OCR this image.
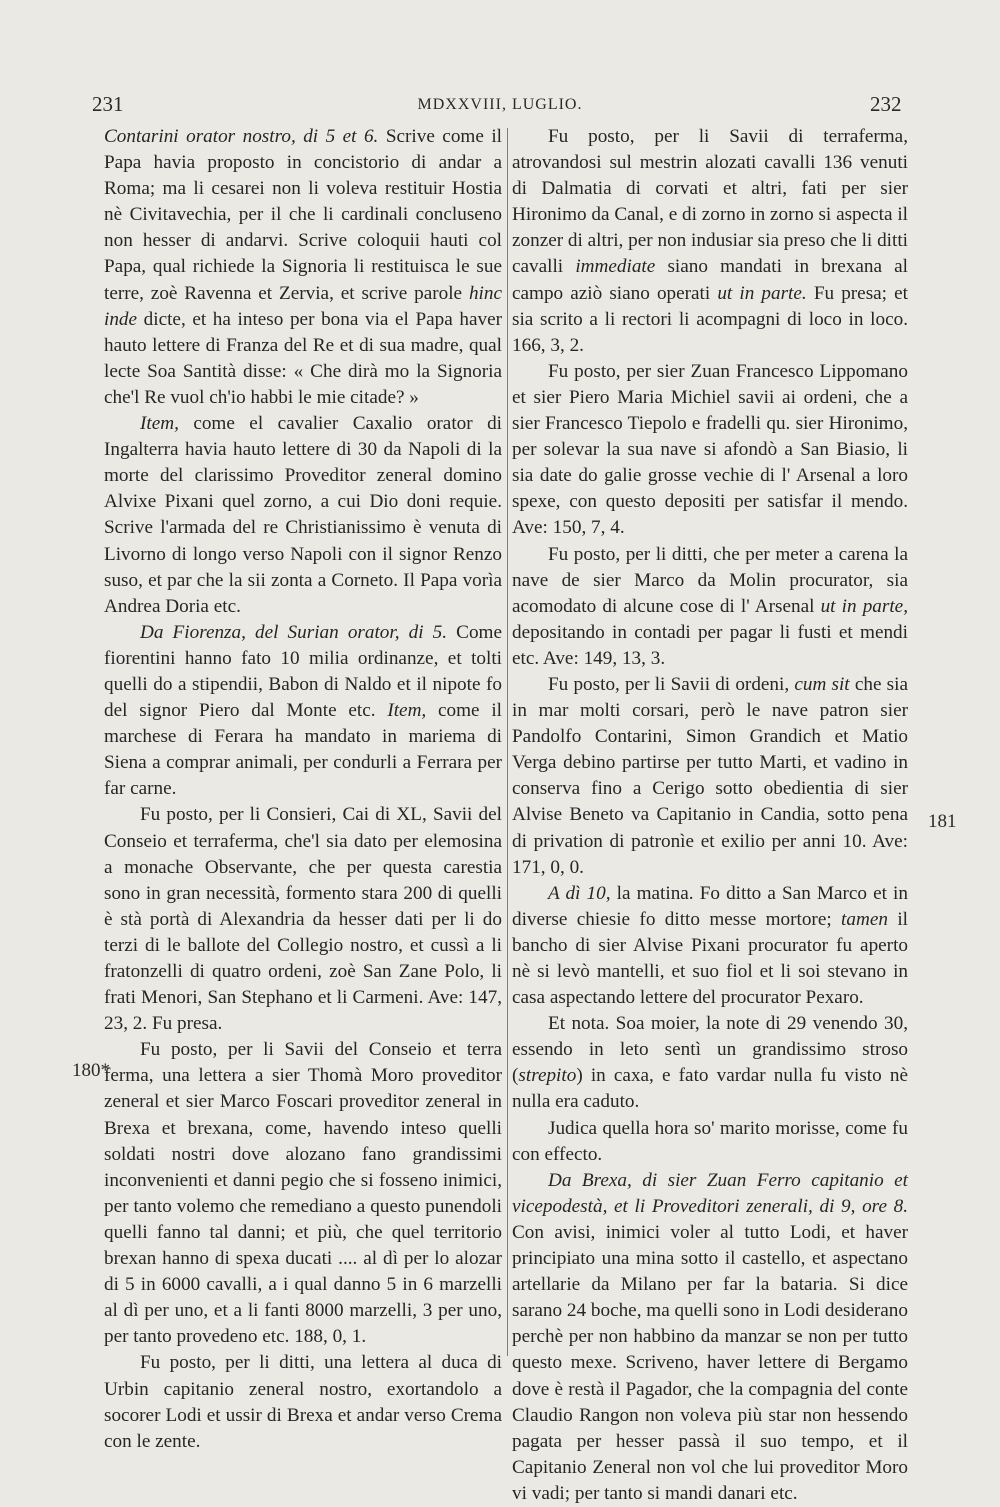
231	MDXXVIII, LUGLIO.	232

Contarini orator nostro, di 5 et 6. Scrive come il Papa havia proposto in concistorio di andar a Roma; ma li cesarei non li voleva restituir Hostia nè Civitavechia, per il che li cardinali concluseno non hesser di andarvi. Scrive coloquii hauti col Papa, qual richiede la Signoria li restituisca le sue terre, zoè Ravenna et Zervia, et scrive parole hinc inde dicte, et ha inteso per bona via el Papa haver hauto lettere di Franza del Re et di sua madre, qual lecte Soa Santità disse: « Che dirà mo la Signoria che'l Re vuol ch'io habbi le mie citade? »

Item, come el cavalier Caxalio orator di Ingalterra havia hauto lettere di 30 da Napoli di la morte del clarissimo Proveditor zeneral domino Alvixe Pixani quel zorno, a cui Dio doni requie. Scrive l'armada del re Christianissimo è venuta di Livorno di longo verso Napoli con il signor Renzo suso, et par che la sii zonta a Corneto. Il Papa vorìa Andrea Doria etc.

Da Fiorenza, del Surian orator, di 5. Come fiorentini hanno fato 10 milia ordinanze, et tolti quelli do a stipendii, Babon di Naldo et il nipote fo del signor Piero dal Monte etc. Item, come il marchese di Ferara ha mandato in mariema di Siena a comprar animali, per condurli a Ferrara per far carne.

Fu posto, per li Consieri, Cai di XL, Savii del Conseio et terraferma, che'l sia dato per elemosina a monache Observante, che per questa carestia sono in gran necessità, formento stara 200 di quelli è stà portà di Alexandria da hesser dati per li do terzi di le ballote del Collegio nostro, et cussì a li fratonzelli di quatro ordeni, zoè San Zane Polo, li frati Menori, San Stephano et li Carmeni. Ave: 147, 23, 2. Fu presa.

Fu posto, per li Savii del Conseio et terra ferma, una lettera a sier Thomà Moro proveditor zeneral et sier Marco Foscari proveditor zeneral in Brexa et brexana, come, havendo inteso quelli soldati nostri dove alozano fano grandissimi inconvenienti et danni pegio che si fosseno inimici, per tanto volemo che remediano a questo punendoli quelli fanno tal danni; et più, che quel territorio brexan hanno di spexa ducati .... al dì per lo alozar di 5 in 6000 cavalli, a i qual danno 5 in 6 marzelli al dì per uno, et a li fanti 8000 marzelli, 3 per uno, per tanto provedeno etc. 188, 0, 1.

Fu posto, per li ditti, una lettera al duca di Urbin capitanio zeneral nostro, exortandolo a socorer Lodi et ussir di Brexa et andar verso Crema con le zente.

Fu posto, per li Savii di terraferma, atrovandosi sul mestrin alozati cavalli 136 venuti di Dalmatia di corvati et altri, fati per sier Hironimo da Canal, e di zorno in zorno si aspecta il zonzer di altri, per non indusiar sia preso che li ditti cavalli immediate siano mandati in brexana al campo aziò siano operati ut in parte. Fu presa; et sia scrito a li rectori li acompagni di loco in loco. 166, 3, 2.

Fu posto, per sier Zuan Francesco Lippomano et sier Piero Maria Michiel savii ai ordeni, che a sier Francesco Tiepolo e fradelli qu. sier Hironimo, per solevar la sua nave si afondò a San Biasio, li sia date do galie grosse vechie di l' Arsenal a loro spexe, con questo depositi per satisfar il mendo. Ave: 150, 7, 4.

Fu posto, per li ditti, che per meter a carena la nave de sier Marco da Molin procurator, sia acomodato di alcune cose di l' Arsenal ut in parte, depositando in contadi per pagar li fusti et mendi etc. Ave: 149, 13, 3.

Fu posto, per li Savii di ordeni, cum sit che sia in mar molti corsari, però le nave patron sier Pandolfo Contarini, Simon Grandich et Matio Verga debino partirse per tutto Marti, et vadino in conserva fino a Cerigo sotto obedientia di sier Alvise Beneto va Capitanio in Candia, sotto pena di privation di patronìe et exilio per anni 10. Ave: 171, 0, 0.

A dì 10, la matina. Fo ditto a San Marco et in diverse chiesie fo ditto messe mortore; tamen il bancho di sier Alvise Pixani procurator fu aperto nè si levò mantelli, et suo fiol et li soi stevano in casa aspectando lettere del procurator Pexaro.

Et nota. Soa moier, la note di 29 venendo 30, essendo in leto sentì un grandissimo stroso (strepito) in caxa, e fato vardar nulla fu visto nè nulla era caduto.

Judica quella hora so' marito morisse, come fu con effecto.

Da Brexa, di sier Zuan Ferro capitanio et vicepodestà, et li Proveditori zenerali, di 9, ore 8. Con avisi, inimici voler al tutto Lodi, et haver principiato una mina sotto il castello, et aspectano artellarie da Milano per far la bataria. Si dice sarano 24 boche, ma quelli sono in Lodi desiderano perchè per non habbino da manzar se non per tutto questo mexe. Scriveno, haver lettere di Bergamo dove è restà il Pagador, che la compagnia del conte Claudio Rangon non voleva più star non hessendo pagata per hesser passà il suo tempo, et il Capitanio Zeneral non vol che lui proveditor Moro vi vadi; per tanto si mandi danari etc.

180*
181
